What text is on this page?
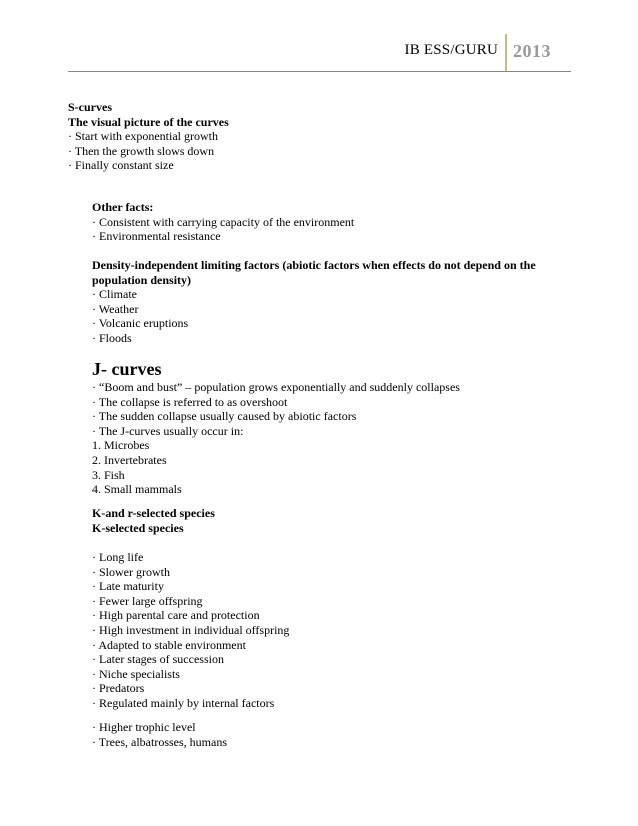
IB ESS/GURU 2013
S-curves
The visual picture of the curves
· Start with exponential growth
· Then the growth slows down
· Finally constant size
Other facts:
· Consistent with carrying capacity of the environment
· Environmental resistance
Density-independent limiting factors (abiotic factors when effects do not depend on the population density)
· Climate
· Weather
· Volcanic eruptions
· Floods
J- curves
· “Boom and bust” – population grows exponentially and suddenly collapses
· The collapse is referred to as overshoot
· The sudden collapse usually caused by abiotic factors
· The J-curves usually occur in:
1. Microbes
2. Invertebrates
3. Fish
4. Small mammals
K-and r-selected species
K-selected species
· Long life
· Slower growth
· Late maturity
· Fewer large offspring
· High parental care and protection
· High investment in individual offspring
· Adapted to stable environment
· Later stages of succession
· Niche specialists
· Predators
· Regulated mainly by internal factors
· Higher trophic level
· Trees, albatrosses, humans
